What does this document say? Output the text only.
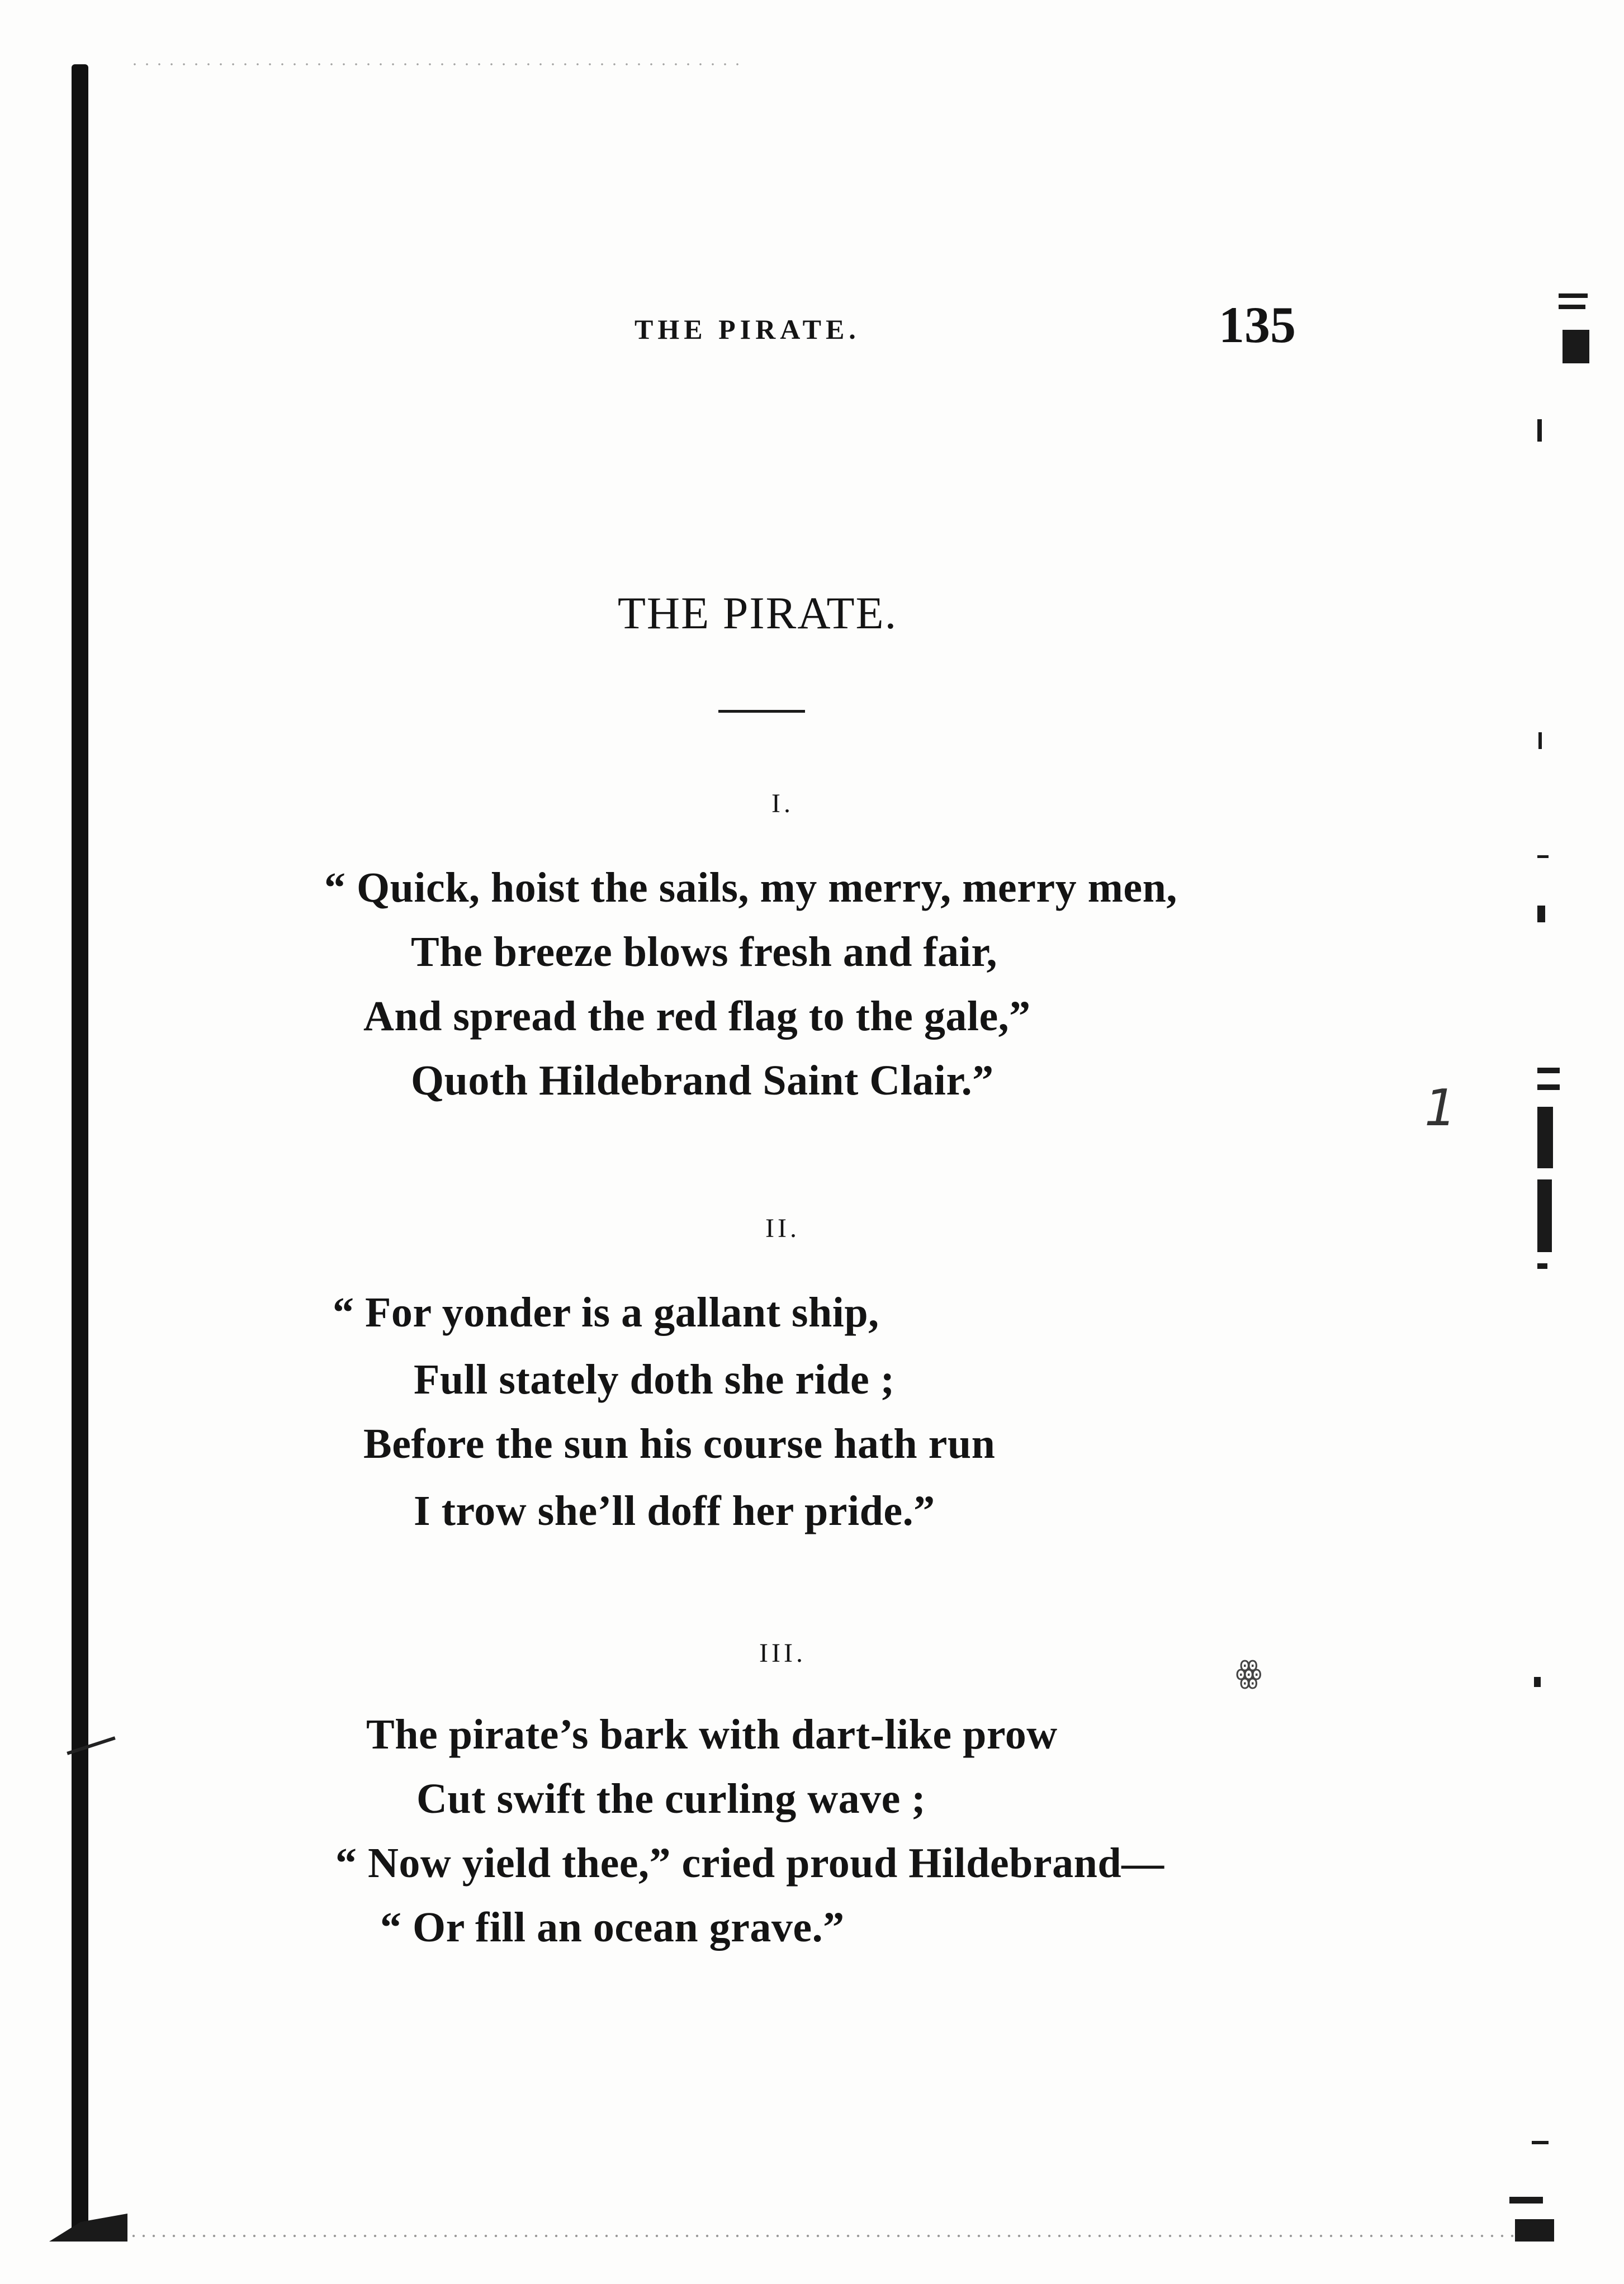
1
ꙮ
THE PIRATE.	135
THE PIRATE.
I.
“ Quick, hoist the sails, my merry, merry men,
The breeze blows fresh and fair,
And spread the red flag to the gale,”
Quoth Hildebrand Saint Clair.”
II.
“ For yonder is a gallant ship,
Full stately doth she ride ;
Before the sun his course hath run
I trow she’ll doff her pride.”
III.
The pirate’s bark with dart-like prow
Cut swift the curling wave ;
“ Now yield thee,” cried proud Hildebrand—
“ Or fill an ocean grave.”
